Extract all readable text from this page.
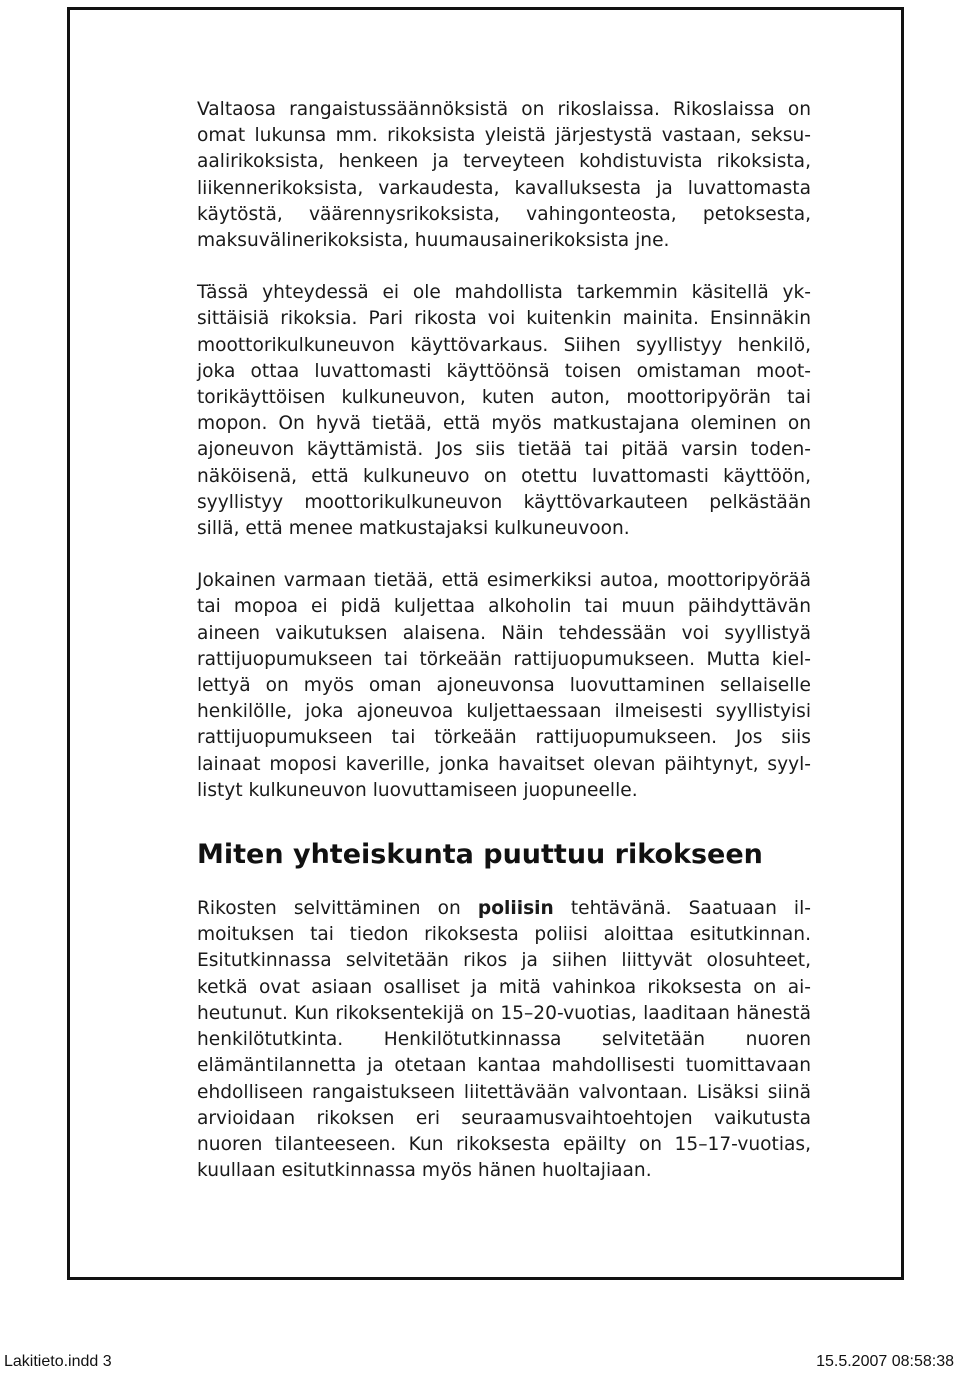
Valtaosa rangaistussäännöksistä on rikoslaissa. Rikoslaissa on omat lukunsa mm. rikoksista yleistä järjestystä vastaan, seksuaalirikoksista, henkeen ja terveyteen kohdistuvista rikoksista, liikennerikoksista, varkaudesta, kavalluksesta ja luvattomasta käytöstä, väärennysrikoksista, vahingonteosta, petoksesta, maksuvälinerikoksista, huumausainerikoksista jne.

Tässä yhteydessä ei ole mahdollista tarkemmin käsitellä yksittäisiä rikoksia. Pari rikosta voi kuitenkin mainita. Ensinnäkin moottorikulkuneuvon käyttövarkaus. Siihen syyllistyy henkilö, joka ottaa luvattomasti käyttöönsä toisen omistaman moottorikäyttöisen kulkuneuvon, kuten auton, moottoripyörän tai mopon. On hyvä tietää, että myös matkustajana oleminen on ajoneuvon käyttämistä. Jos siis tietää tai pitää varsin todennäköisenä, että kulkuneuvo on otettu luvattomasti käyttöön, syyllistyy moottorikulkuneuvon käyttövarkauteen pelkästään sillä, että menee matkustajaksi kulkuneuvoon.

Jokainen varmaan tietää, että esimerkiksi autoa, moottoripyörää tai mopoa ei pidä kuljettaa alkoholin tai muun päihdyttävän aineen vaikutuksen alaisena. Näin tehdessään voi syyllistyä rattijuopumukseen tai törkeään rattijuopumukseen. Mutta kiellettyä on myös oman ajoneuvonsa luovuttaminen sellaiselle henkilölle, joka ajoneuvoa kuljettaessaan ilmeisesti syyllistyisi rattijuopumukseen tai törkeään rattijuopumukseen. Jos siis lainaat moposi kaverille, jonka havaitset olevan päihtynyt, syyllistyt kulkuneuvon luovuttamiseen juopuneelle.

Miten yhteiskunta puuttuu rikokseen

Rikosten selvittäminen on poliisin tehtävänä. Saatuaan ilmoituksen tai tiedon rikoksesta poliisi aloittaa esitutkinnan. Esitutkinnassa selvitetään rikos ja siihen liittyvät olosuhteet, ketkä ovat asiaan osalliset ja mitä vahinkoa rikoksesta on aiheutunut. Kun rikoksentekijä on 15–20-vuotias, laaditaan hänestä henkilötutkinta. Henkilötutkinnassa selvitetään nuoren elämäntilannetta ja otetaan kantaa mahdollisesti tuomittavaan ehdolliseen rangaistukseen liitettävään valvontaan. Lisäksi siinä arvioidaan rikoksen eri seuraamusvaihtoehtojen vaikutusta nuoren tilanteeseen. Kun rikoksesta epäilty on 15–17-vuotias, kuullaan esitutkinnassa myös hänen huoltajiaan.

Lakitieto.indd 3	15.5.2007 08:58:38
